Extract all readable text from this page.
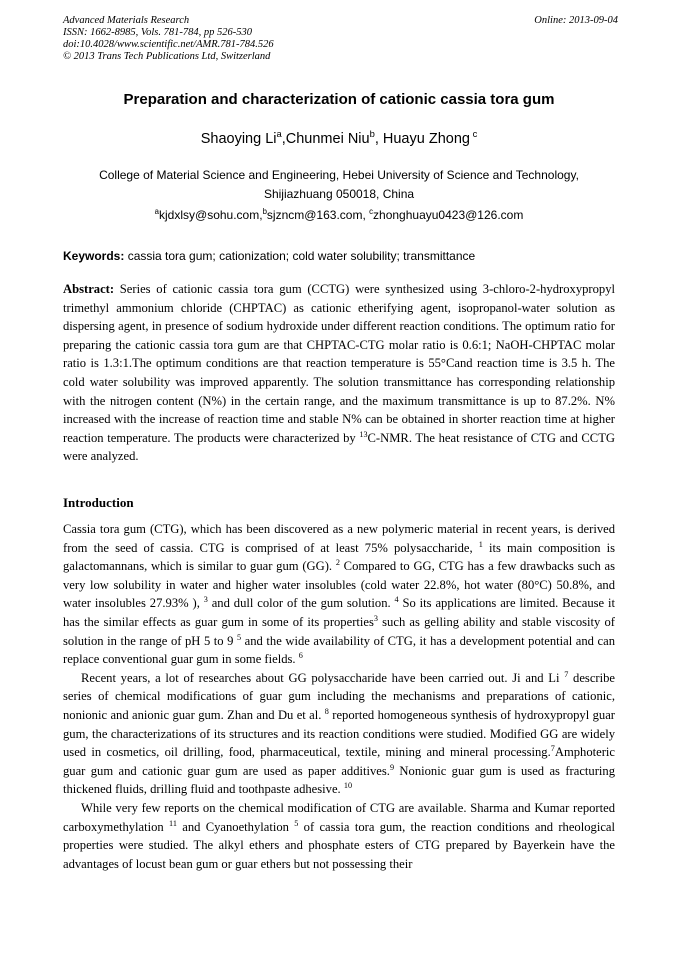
Advanced Materials Research
ISSN: 1662-8985, Vols. 781-784, pp 526-530
doi:10.4028/www.scientific.net/AMR.781-784.526
© 2013 Trans Tech Publications Ltd, Switzerland
Online: 2013-09-04
Preparation and characterization of cationic cassia tora gum
Shaoying Li$^a$,Chunmei Niu$^b$, Huayu Zhong $^c$
College of Material Science and Engineering, Hebei University of Science and Technology,
Shijiazhuang 050018, China
$^a$kjdxlsy@sohu.com,$^b$sjzncm@163.com, $^c$zhonghuayu0423@126.com
Keywords: cassia tora gum; cationization; cold water solubility; transmittance
Abstract: Series of cationic cassia tora gum (CCTG) were synthesized using 3-chloro-2-hydroxypropyl trimethyl ammonium chloride (CHPTAC) as cationic etherifying agent, isopropanol-water solution as dispersing agent, in presence of sodium hydroxide under different reaction conditions. The optimum ratio for preparing the cationic cassia tora gum are that CHPTAC-CTG molar ratio is 0.6:1; NaOH-CHPTAC molar ratio is 1.3:1.The optimum conditions are that reaction temperature is 55°Cand reaction time is 3.5 h. The cold water solubility was improved apparently. The solution transmittance has corresponding relationship with the nitrogen content (N%) in the certain range, and the maximum transmittance is up to 87.2%. N% increased with the increase of reaction time and stable N% can be obtained in shorter reaction time at higher reaction temperature. The products were characterized by $^{13}$C-NMR. The heat resistance of CTG and CCTG were analyzed.
Introduction

Cassia tora gum (CTG), which has been discovered as a new polymeric material in recent years, is derived from the seed of cassia. CTG is comprised of at least 75% polysaccharide, $^1$ its main composition is galactomannans, which is similar to guar gum (GG). $^2$ Compared to GG, CTG has a few drawbacks such as very low solubility in water and higher water insolubles (cold water 22.8%, hot water (80°C) 50.8%, and water insolubles 27.93% ), $^3$ and dull color of the gum solution. $^4$ So its applications are limited. Because it has the similar effects as guar gum in some of its properties$^3$ such as gelling ability and stable viscosity of solution in the range of pH 5 to 9 $^5$ and the wide availability of CTG, it has a development potential and can replace conventional guar gum in some fields. $^6$

Recent years, a lot of researches about GG polysaccharide have been carried out. Ji and Li $^7$ describe series of chemical modifications of guar gum including the mechanisms and preparations of cationic, nonionic and anionic guar gum. Zhan and Du et al. $^8$ reported homogeneous synthesis of hydroxypropyl guar gum, the characterizations of its structures and its reaction conditions were studied. Modified GG are widely used in cosmetics, oil drilling, food, pharmaceutical, textile, mining and mineral processing.$^7$Amphoteric guar gum and cationic guar gum are used as paper additives.$^9$ Nonionic guar gum is used as fracturing thickened fluids, drilling fluid and toothpaste adhesive. $^{10}$

While very few reports on the chemical modification of CTG are available. Sharma and Kumar reported carboxymethylation $^{11}$ and Cyanoethylation $^5$ of cassia tora gum, the reaction conditions and rheological properties were studied. The alkyl ethers and phosphate esters of CTG prepared by Bayerkein have the advantages of locust bean gum or guar ethers but not possessing their
